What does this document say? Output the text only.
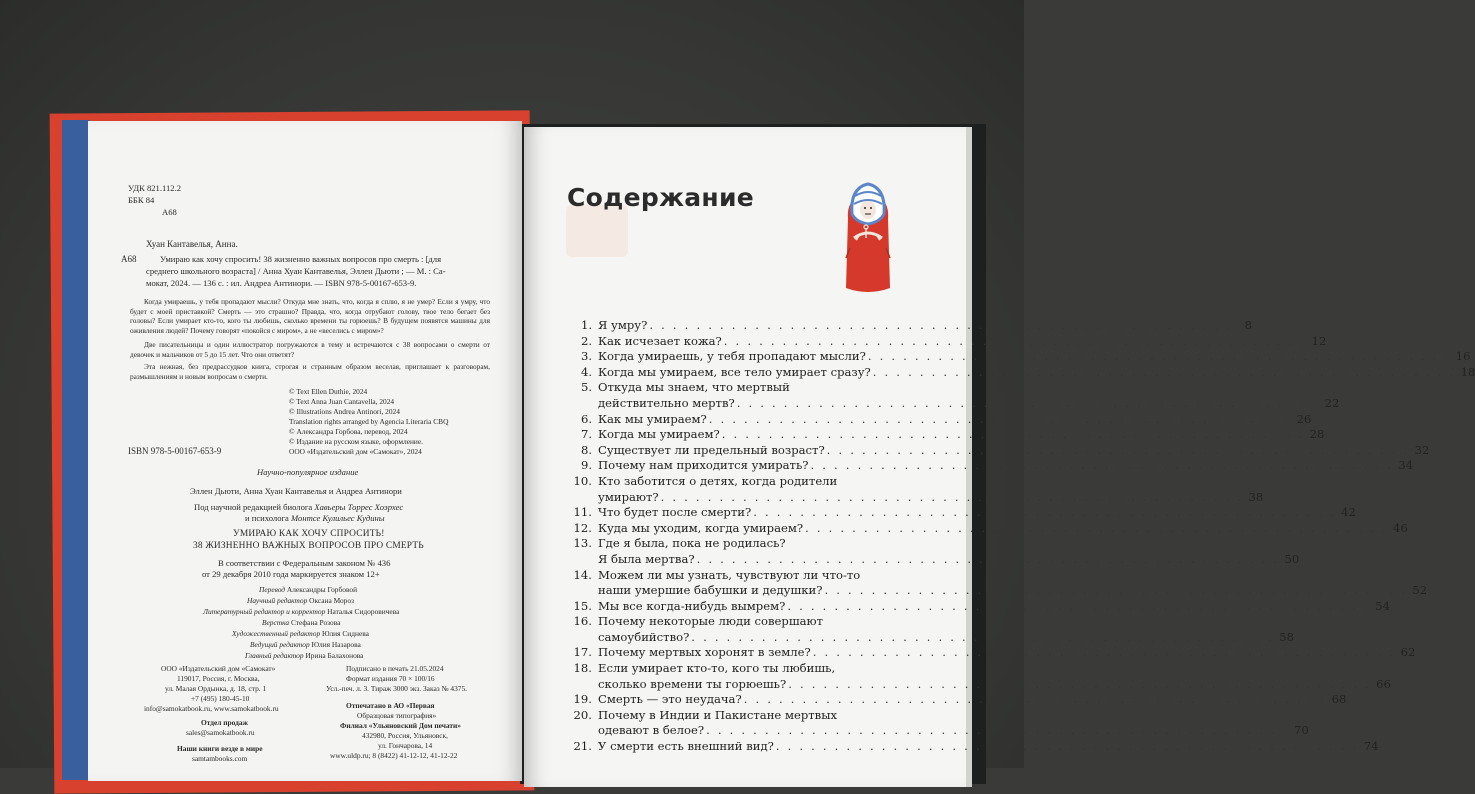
УДК 821.112.2
ББК 84
А68
Хуан Кантавелья, Анна.
А68	Умираю как хочу спросить! 38 жизненно важных вопросов про смерть : [для
среднего школьного возраста] / Анна Хуан Кантавелья, Эллен Дьюти ; — М. : Са-
мокат, 2024. — 136 с. : ил. Андреа Антинори. — ISBN 978-5-00167-653-9.
Когда умираешь, у тебя пропадают мысли? Откуда мне знать, что, когда я сплю, я не умер? Если я умру, что будет с моей приставкой? Смерть — это страшно? Правда, что, когда отрубают голову, твое тело бегает без головы? Если умирает кто-то, кого ты любишь, сколько времени ты горюешь? В будущем появятся машины для оживления людей? Почему говорят «покойся с миром», а не «веселись с миром»?
Две писательницы и один иллюстратор погружаются в тему и встречаются с 38 вопросами о смерти от девочек и мальчиков от 5 до 15 лет. Что они ответят?
Эта нежная, без предрассудков книга, строгая и странным образом веселая, приглашает к разговорам, размышлениям и новым вопросам о смерти.
© Text Ellen Duthie, 2024
© Text Anna Juan Cantavella, 2024
© Illustrations Andrea Antinori, 2024
Translation rights arranged by Agencia Literaria CBQ
© Александра Горбова, перевод, 2024
© Издание на русском языке, оформление.
ООО «Издательский дом «Самокат», 2024
ISBN 978-5-00167-653-9
Научно-популярное издание
Эллен Дьюти, Анна Хуан Кантавелья и Андреа Антинори
Под научной редакцией биолога Хавьеры Торрес Хоэрхес
и психолога Монтсе Кулильес Кудины
УМИРАЮ КАК ХОЧУ СПРОСИТЬ!
38 ЖИЗНЕННО ВАЖНЫХ ВОПРОСОВ ПРО СМЕРТЬ
В соответствии с Федеральным законом № 436
от 29 декабря 2010 года маркируется знаком 12+
Перевод Александры Горбовой
Научный редактор Оксана Мороз
Литературный редактор и корректор Наталья Сидоровичева
Верстка Стефана Розова
Художественный редактор Юлия Сиднева
Ведущий редактор Юлия Назарова
Главный редактор Ирина Балахонова
ООО «Издательский дом «Самокат»
119017, Россия, г. Москва,
ул. Малая Ордынка, д. 18, стр. 1
+7 (495) 180-45-10
info@samokatbook.ru, www.samokatbook.ru
Подписано в печать 21.05.2024
Формат издания 70 × 100/16
Усл.-печ. л. 3. Тираж 3000 экз. Заказ № 4375.
Отдел продаж
sales@samokatbook.ru
Наши книги везде в мире
samtambooks.com
Отпечатано в АО «Первая
Образцовая типография»
Филиал «Ульяновский Дом печати»
432980, Россия, Ульяновск,
ул. Гончарова, 14
www.uldp.ru; 8 (8422) 41-12-12, 41-12-22
Содержание
1. Я умру? . . . . . . . . . . . . . . . . . . . . . . . . . . . . . . . . . . . . . . . . . . . . . . . . . .	8
2. Как исчезает кожа? . . . . . . . . . . . . . . . . . . . . . . . . . . . . . . . . . . . . . . . . . . . . . . . . . . 12
3. Когда умираешь, у тебя пропадают мысли? . . . . . . . . . . . . . . . . . . . . . . . . . . . . . . . . . . . . . . . . . . . . . . . . . . 16
4. Когда мы умираем, все тело умирает сразу? . . . . . . . . . . . . . . . . . . . . . . . . . . . . . . . . . . . . . . . . . . . . . . . . . . 18
5. Откуда мы знаем, что мертвый
действительно мертв? . . . . . . . . . . . . . . . . . . . . . . . . . . . . . . . . . . . . . . . . . . . . . . . . . . 22
6. Как мы умираем? . . . . . . . . . . . . . . . . . . . . . . . . . . . . . . . . . . . . . . . . . . . . . . . . . . 26
7. Когда мы умираем? . . . . . . . . . . . . . . . . . . . . . . . . . . . . . . . . . . . . . . . . . . . . . . . . . . 28
8. Существует ли предельный возраст? . . . . . . . . . . . . . . . . . . . . . . . . . . . . . . . . . . . . . . . . . . . . . . . . . . 32
9. Почему нам приходится умирать? . . . . . . . . . . . . . . . . . . . . . . . . . . . . . . . . . . . . . . . . . . . . . . . . . . 34
10. Кто заботится о детях, когда родители
умирают? . . . . . . . . . . . . . . . . . . . . . . . . . . . . . . . . . . . . . . . . . . . . . . . . . . 38
11. Что будет после смерти? . . . . . . . . . . . . . . . . . . . . . . . . . . . . . . . . . . . . . . . . . . . . . . . . . . 42
12. Куда мы уходим, когда умираем? . . . . . . . . . . . . . . . . . . . . . . . . . . . . . . . . . . . . . . . . . . . . . . . . . . 46
13. Где я была, пока не родилась?
Я была мертва? . . . . . . . . . . . . . . . . . . . . . . . . . . . . . . . . . . . . . . . . . . . . . . . . . . 50
14. Можем ли мы узнать, чувствуют ли что-то
наши умершие бабушки и дедушки? . . . . . . . . . . . . . . . . . . . . . . . . . . . . . . . . . . . . . . . . . . . . . . . . . . 52
15. Мы все когда-нибудь вымрем? . . . . . . . . . . . . . . . . . . . . . . . . . . . . . . . . . . . . . . . . . . . . . . . . . . 54
16. Почему некоторые люди совершают
самоубийство? . . . . . . . . . . . . . . . . . . . . . . . . . . . . . . . . . . . . . . . . . . . . . . . . . . 58
17. Почему мертвых хоронят в земле? . . . . . . . . . . . . . . . . . . . . . . . . . . . . . . . . . . . . . . . . . . . . . . . . . . 62
18. Если умирает кто-то, кого ты любишь,
сколько времени ты горюешь? . . . . . . . . . . . . . . . . . . . . . . . . . . . . . . . . . . . . . . . . . . . . . . . . . . 66
19. Смерть — это неудача? . . . . . . . . . . . . . . . . . . . . . . . . . . . . . . . . . . . . . . . . . . . . . . . . . . 68
20. Почему в Индии и Пакистане мертвых
одевают в белое? . . . . . . . . . . . . . . . . . . . . . . . . . . . . . . . . . . . . . . . . . . . . . . . . . . 70
21. У смерти есть внешний вид? . . . . . . . . . . . . . . . . . . . . . . . . . . . . . . . . . . . . . . . . . . . . . . . . . . 74
